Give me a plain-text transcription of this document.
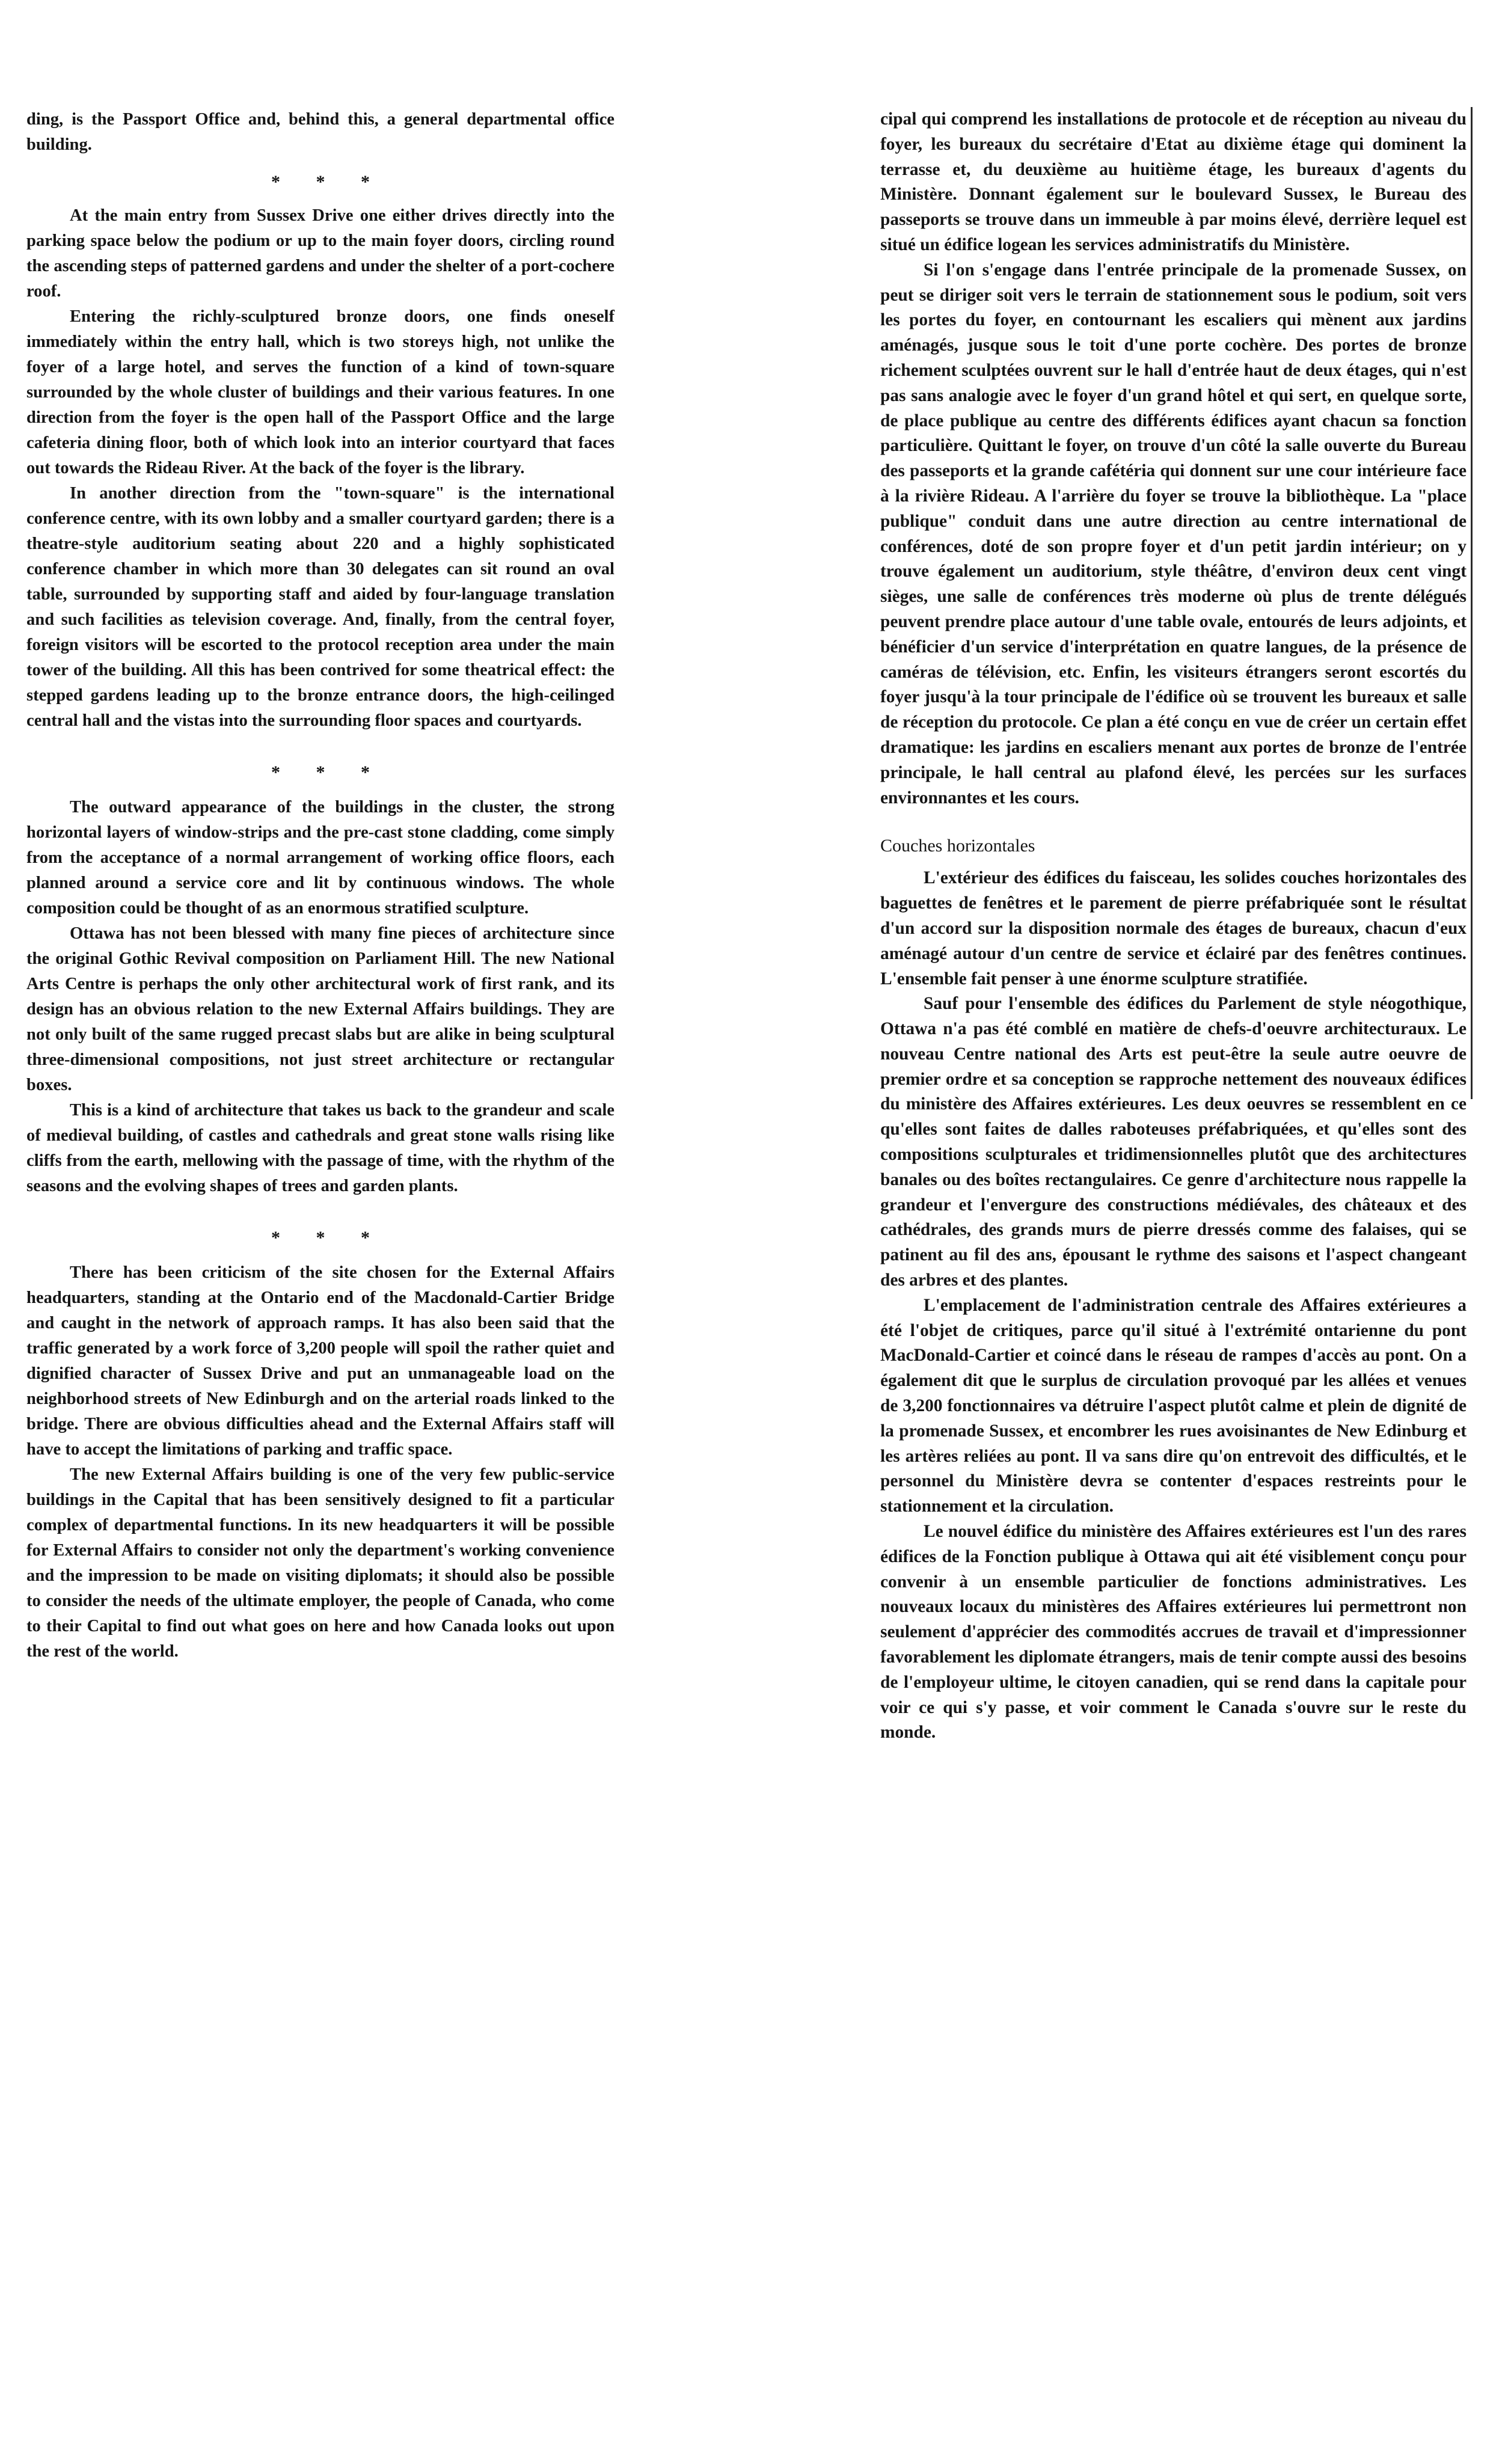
ding, is the Passport Office and, behind this, a general departmental office building.

* * *

At the main entry from Sussex Drive one either drives directly into the parking space below the podium or up to the main foyer doors, circling round the ascending steps of patterned gardens and under the shelter of a port-cochere roof.

Entering the richly-sculptured bronze doors, one finds oneself immediately within the entry hall, which is two storeys high, not unlike the foyer of a large hotel, and serves the function of a kind of town-square surrounded by the whole cluster of buildings and their various features. In one direction from the foyer is the open hall of the Passport Office and the large cafeteria dining floor, both of which look into an interior courtyard that faces out towards the Rideau River. At the back of the foyer is the library.

In another direction from the "town-square" is the international conference centre, with its own lobby and a smaller courtyard garden; there is a theatre-style auditorium seating about 220 and a highly sophisticated conference chamber in which more than 30 delegates can sit round an oval table, surrounded by supporting staff and aided by four-language translation and such facilities as television coverage. And, finally, from the central foyer, foreign visitors will be escorted to the protocol reception area under the main tower of the building. All this has been contrived for some theatrical effect: the stepped gardens leading up to the bronze entrance doors, the high-ceilinged central hall and the vistas into the surrounding floor spaces and courtyards.

* * *

The outward appearance of the buildings in the cluster, the strong horizontal layers of window-strips and the pre-cast stone cladding, come simply from the acceptance of a normal arrangement of working office floors, each planned around a service core and lit by continuous windows. The whole composition could be thought of as an enormous stratified sculpture.

Ottawa has not been blessed with many fine pieces of architecture since the original Gothic Revival composition on Parliament Hill. The new National Arts Centre is perhaps the only other architectural work of first rank, and its design has an obvious relation to the new External Affairs buildings. They are not only built of the same rugged precast slabs but are alike in being sculptural three-dimensional compositions, not just street architecture or rectangular boxes.

This is a kind of architecture that takes us back to the grandeur and scale of medieval building, of castles and cathedrals and great stone walls rising like cliffs from the earth, mellowing with the passage of time, with the rhythm of the seasons and the evolving shapes of trees and garden plants.

* * *

There has been criticism of the site chosen for the External Affairs headquarters, standing at the Ontario end of the Macdonald-Cartier Bridge and caught in the network of approach ramps. It has also been said that the traffic generated by a work force of 3,200 people will spoil the rather quiet and dignified character of Sussex Drive and put an unmanageable load on the neighborhood streets of New Edinburgh and on the arterial roads linked to the bridge. There are obvious difficulties ahead and the External Affairs staff will have to accept the limitations of parking and traffic space.

The new External Affairs building is one of the very few public-service buildings in the Capital that has been sensitively designed to fit a particular complex of departmental functions. In its new headquarters it will be possible for External Affairs to consider not only the department's working convenience and the impression to be made on visiting diplomats; it should also be possible to consider the needs of the ultimate employer, the people of Canada, who come to their Capital to find out what goes on here and how Canada looks out upon the rest of the world.

cipal qui comprend les installations de protocole et de réception au niveau du foyer, les bureaux du secrétaire d'Etat au dixième étage qui dominent la terrasse et, du deuxième au huitième étage, les bureaux d'agents du Ministère. Donnant également sur le boulevard Sussex, le Bureau des passeports se trouve dans un immeuble à par moins élevé, derrière lequel est situé un édifice logean les services administratifs du Ministère.

Si l'on s'engage dans l'entrée principale de la promenade Sussex, on peut se diriger soit vers le terrain de stationnement sous le podium, soit vers les portes du foyer, en contournant les escaliers qui mènent aux jardins aménagés, jusque sous le toit d'une porte cochère. Des portes de bronze richement sculptées ouvrent sur le hall d'entrée haut de deux étages, qui n'est pas sans analogie avec le foyer d'un grand hôtel et qui sert, en quelque sorte, de place publique au centre des différents édifices ayant chacun sa fonction particulière. Quittant le foyer, on trouve d'un côté la salle ouverte du Bureau des passeports et la grande cafétéria qui donnent sur une cour intérieure face à la rivière Rideau. A l'arrière du foyer se trouve la bibliothèque. La "place publique" conduit dans une autre direction au centre international de conférences, doté de son propre foyer et d'un petit jardin intérieur; on y trouve également un auditorium, style théâtre, d'environ deux cent vingt sièges, une salle de conférences très moderne où plus de trente délégués peuvent prendre place autour d'une table ovale, entourés de leurs adjoints, et bénéficier d'un service d'interprétation en quatre langues, de la présence de caméras de télévision, etc. Enfin, les visiteurs étrangers seront escortés du foyer jusqu'à la tour principale de l'édifice où se trouvent les bureaux et salle de réception du protocole. Ce plan a été conçu en vue de créer un certain effet dramatique: les jardins en escaliers menant aux portes de bronze de l'entrée principale, le hall central au plafond élevé, les percées sur les surfaces environnantes et les cours.

Couches horizontales

L'extérieur des édifices du faisceau, les solides couches horizontales des baguettes de fenêtres et le parement de pierre préfabriquée sont le résultat d'un accord sur la disposition normale des étages de bureaux, chacun d'eux aménagé autour d'un centre de service et éclairé par des fenêtres continues. L'ensemble fait penser à une énorme sculpture stratifiée.

Sauf pour l'ensemble des édifices du Parlement de style néogothique, Ottawa n'a pas été comblé en matière de chefs-d'oeuvre architecturaux. Le nouveau Centre national des Arts est peut-être la seule autre oeuvre de premier ordre et sa conception se rapproche nettement des nouveaux édifices du ministère des Affaires extérieures. Les deux oeuvres se ressemblent en ce qu'elles sont faites de dalles raboteuses préfabriquées, et qu'elles sont des compositions sculpturales et tridimensionnelles plutôt que des architectures banales ou des boîtes rectangulaires. Ce genre d'architecture nous rappelle la grandeur et l'envergure des constructions médiévales, des châteaux et des cathédrales, des grands murs de pierre dressés comme des falaises, qui se patinent au fil des ans, épousant le rythme des saisons et l'aspect changeant des arbres et des plantes.

L'emplacement de l'administration centrale des Affaires extérieures a été l'objet de critiques, parce qu'il situé à l'extrémité ontarienne du pont MacDonald-Cartier et coincé dans le réseau de rampes d'accès au pont. On a également dit que le surplus de circulation provoqué par les allées et venues de 3,200 fonctionnaires va détruire l'aspect plutôt calme et plein de dignité de la promenade Sussex, et encombrer les rues avoisinantes de New Edinburg et les artères reliées au pont. Il va sans dire qu'on entrevoit des difficultés, et le personnel du Ministère devra se contenter d'espaces restreints pour le stationnement et la circulation.

Le nouvel édifice du ministère des Affaires extérieures est l'un des rares édifices de la Fonction publique à Ottawa qui ait été visiblement conçu pour convenir à un ensemble particulier de fonctions administratives. Les nouveaux locaux du ministères des Affaires extérieures lui permettront non seulement d'apprécier des commodités accrues de travail et d'impressionner favorablement les diplomate étrangers, mais de tenir compte aussi des besoins de l'employeur ultime, le citoyen canadien, qui se rend dans la capitale pour voir ce qui s'y passe, et voir comment le Canada s'ouvre sur le reste du monde.
